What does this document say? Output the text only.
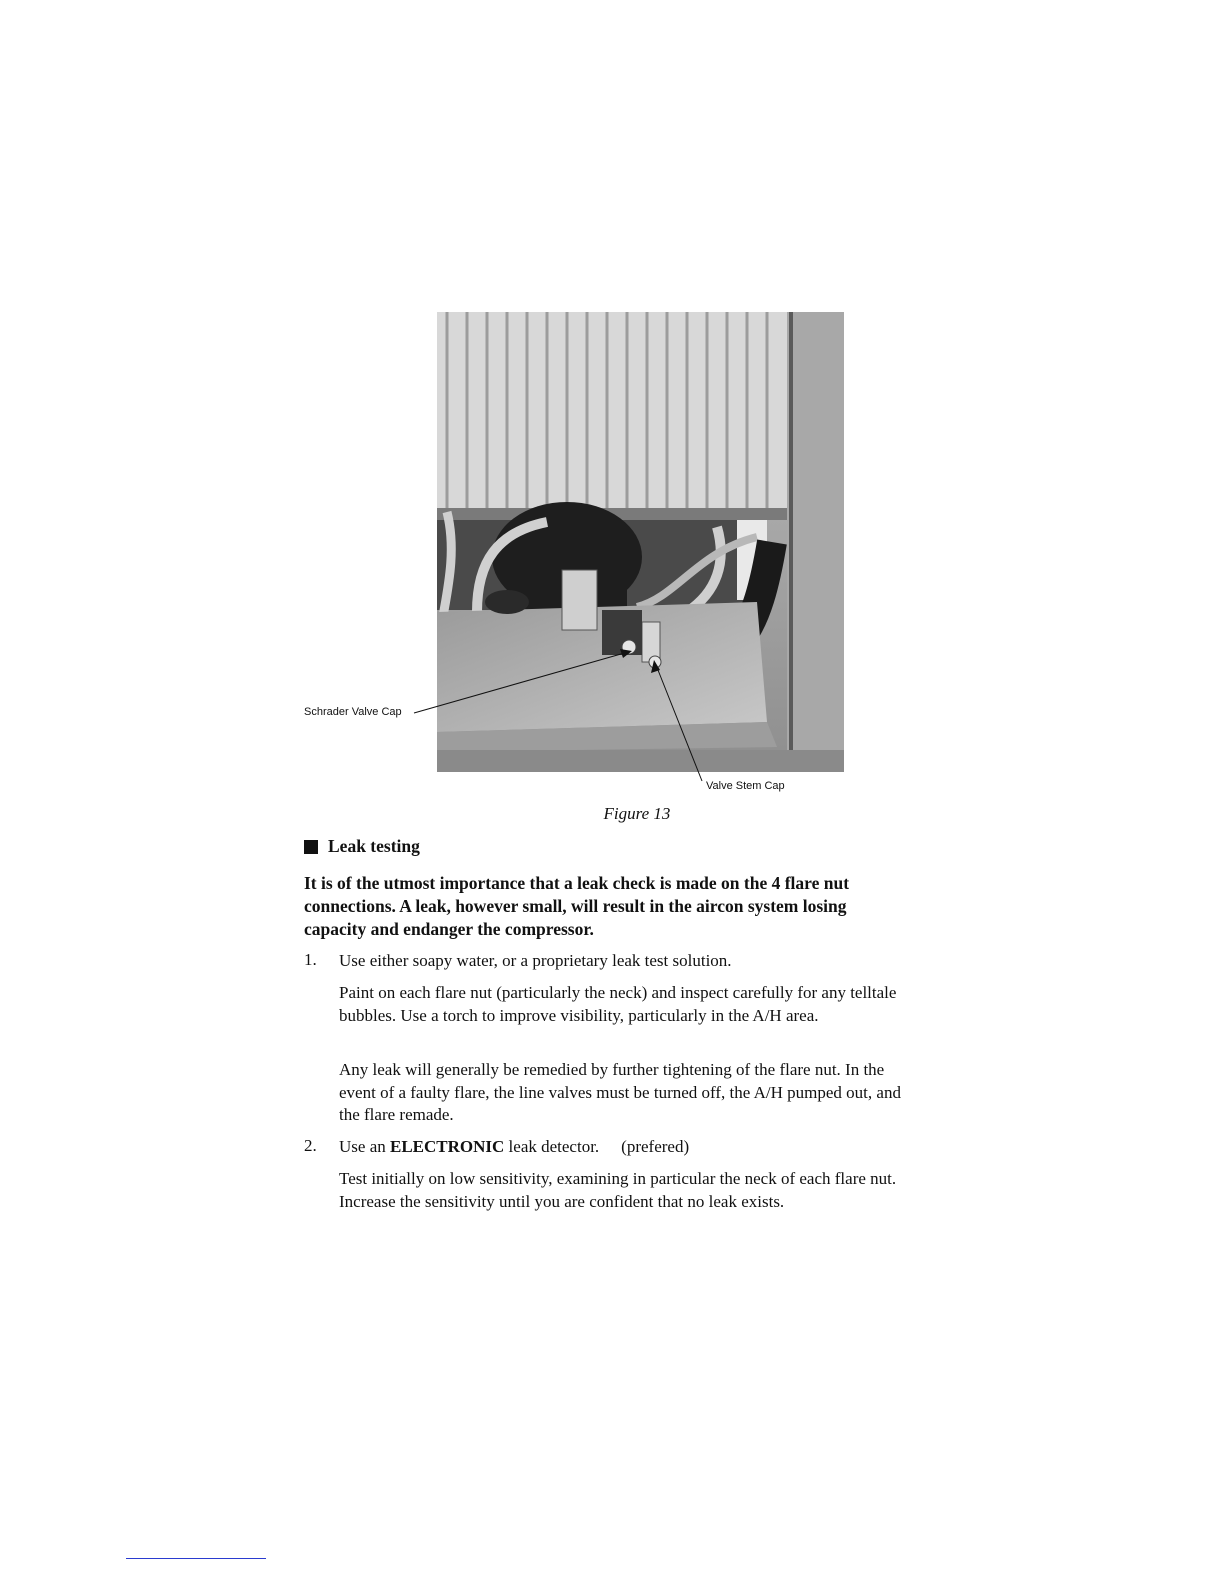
Schrader Valve Cap
Valve Stem Cap
Figure 13
Leak testing
It is of the utmost importance that a leak check is made on the 4 flare nut connections. A leak, however small, will result in the aircon system losing capacity and endanger the compressor.
1. Use either soapy water, or a proprietary leak test solution.
Paint on each flare nut (particularly the neck) and inspect carefully for any telltale bubbles. Use a torch to improve visibility, particularly in the A/H area.
Any leak will generally be remedied by further tightening of the flare nut. In the event of a faulty flare, the line valves must be turned off, the A/H pumped out, and the flare remade.
2. Use an ELECTRONIC leak detector. (prefered)
Test initially on low sensitivity, examining in particular the neck of each flare nut. Increase the sensitivity until you are confident that no leak exists.
